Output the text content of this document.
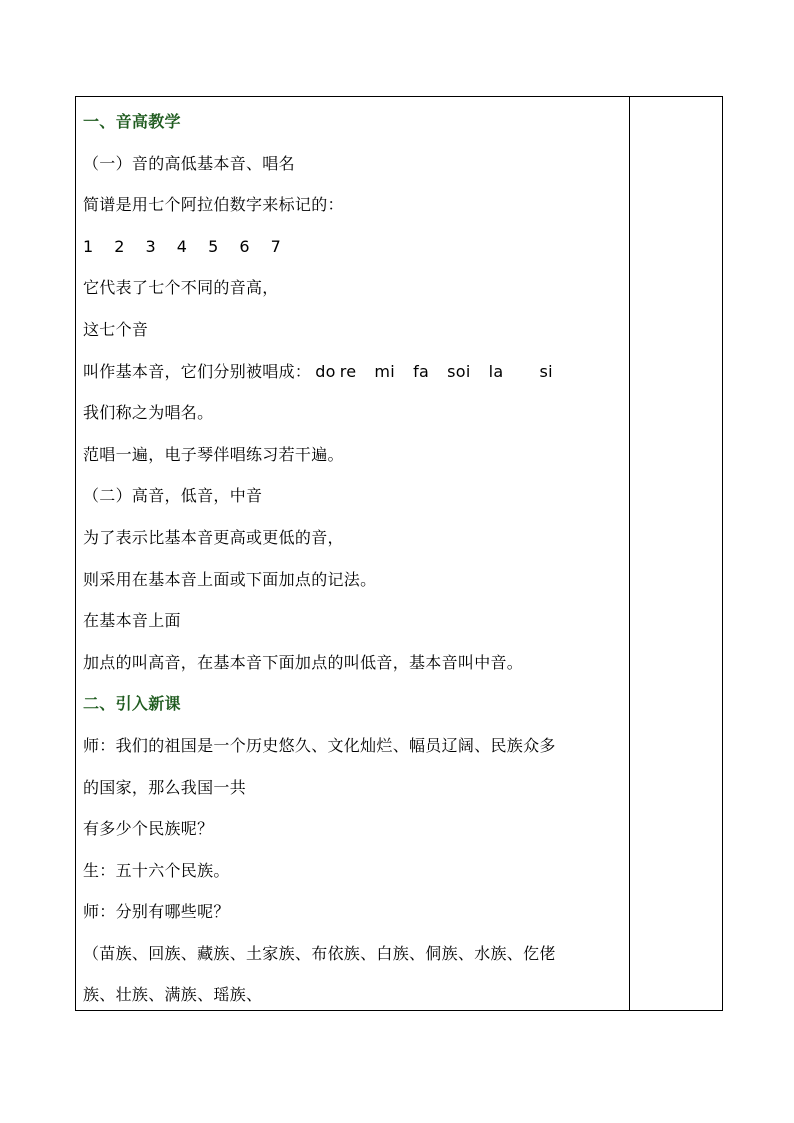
一、音高教学
（一）音的高低基本音、唱名
简谱是用七个阿拉伯数字来标记的：
1 2 3 4 5 6 7
它代表了七个不同的音高，
这七个音
叫作基本音，它们分别被唱成： do re mi fa soi la si
我们称之为唱名。
范唱一遍，电子琴伴唱练习若干遍。
（二）高音，低音，中音
为了表示比基本音更高或更低的音，
则采用在基本音上面或下面加点的记法。
在基本音上面
加点的叫高音，在基本音下面加点的叫低音，基本音叫中音。
二、引入新课
师：我们的祖国是一个历史悠久、文化灿烂、幅员辽阔、民族众多
的国家，那么我国一共
有多少个民族呢？
生：五十六个民族。
师：分别有哪些呢？
（苗族、回族、藏族、土家族、布依族、白族、侗族、水族、仡佬
族、壮族、满族、瑶族、
